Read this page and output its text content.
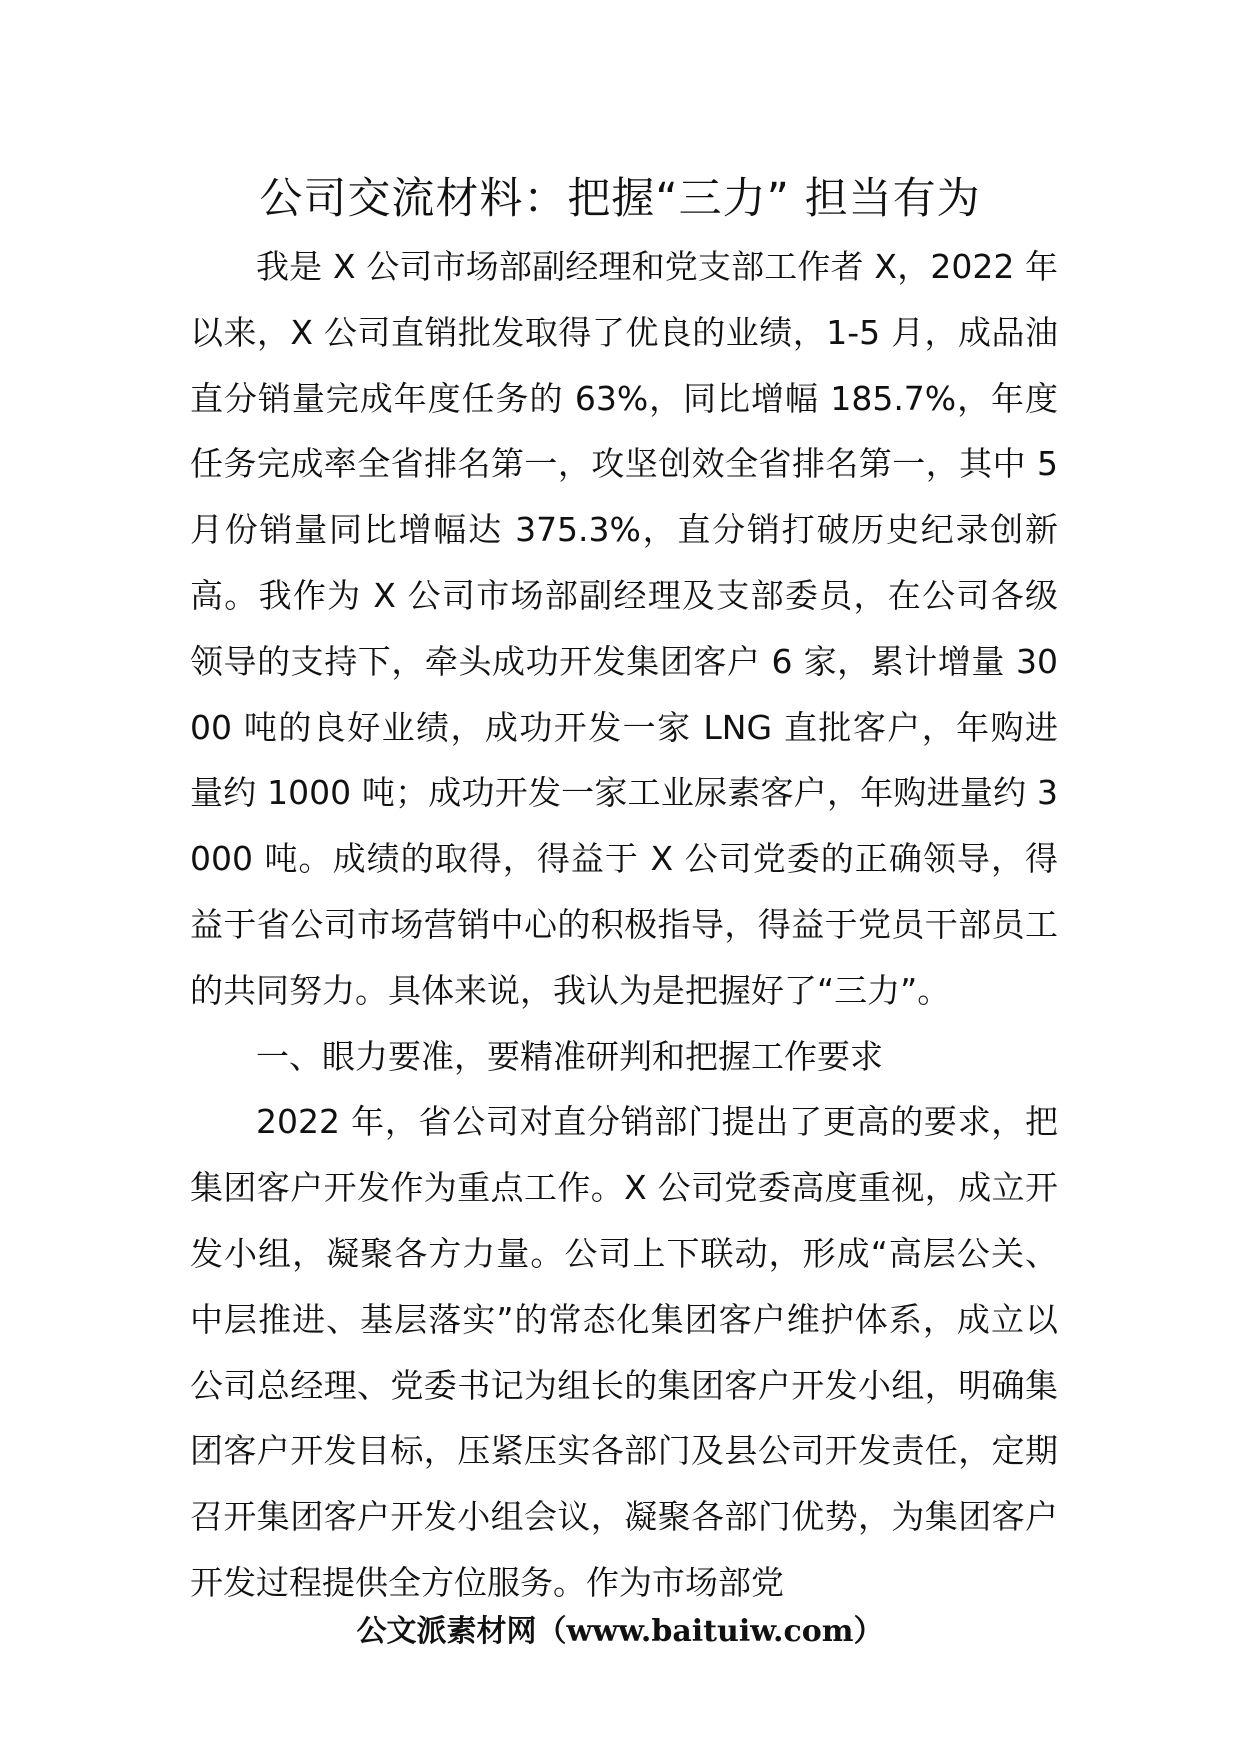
公司交流材料：把握“三力” 担当有为

我是 X 公司市场部副经理和党支部工作者 X，2022 年以来，X 公司直销批发取得了优良的业绩，1-5 月，成品油直分销量完成年度任务的 63%，同比增幅 185.7%，年度任务完成率全省排名第一，攻坚创效全省排名第一，其中 5 月份销量同比增幅达 375.3%，直分销打破历史纪录创新高。我作为 X 公司市场部副经理及支部委员，在公司各级领导的支持下，牵头成功开发集团客户 6 家，累计增量 3000 吨的良好业绩，成功开发一家 LNG 直批客户，年购进量约 1000 吨；成功开发一家工业尿素客户，年购进量约 3000 吨。成绩的取得，得益于 X 公司党委的正确领导，得益于省公司市场营销中心的积极指导，得益于党员干部员工的共同努力。具体来说，我认为是把握好了“三力”。

一、眼力要准，要精准研判和把握工作要求

2022 年，省公司对直分销部门提出了更高的要求，把集团客户开发作为重点工作。X 公司党委高度重视，成立开发小组，凝聚各方力量。公司上下联动，形成“高层公关、中层推进、基层落实”的常态化集团客户维护体系，成立以公司总经理、党委书记为组长的集团客户开发小组，明确集团客户开发目标，压紧压实各部门及县公司开发责任，定期召开集团客户开发小组会议，凝聚各部门优势，为集团客户开发过程提供全方位服务。作为市场部党

公文派素材网（www.baituiw.com）
